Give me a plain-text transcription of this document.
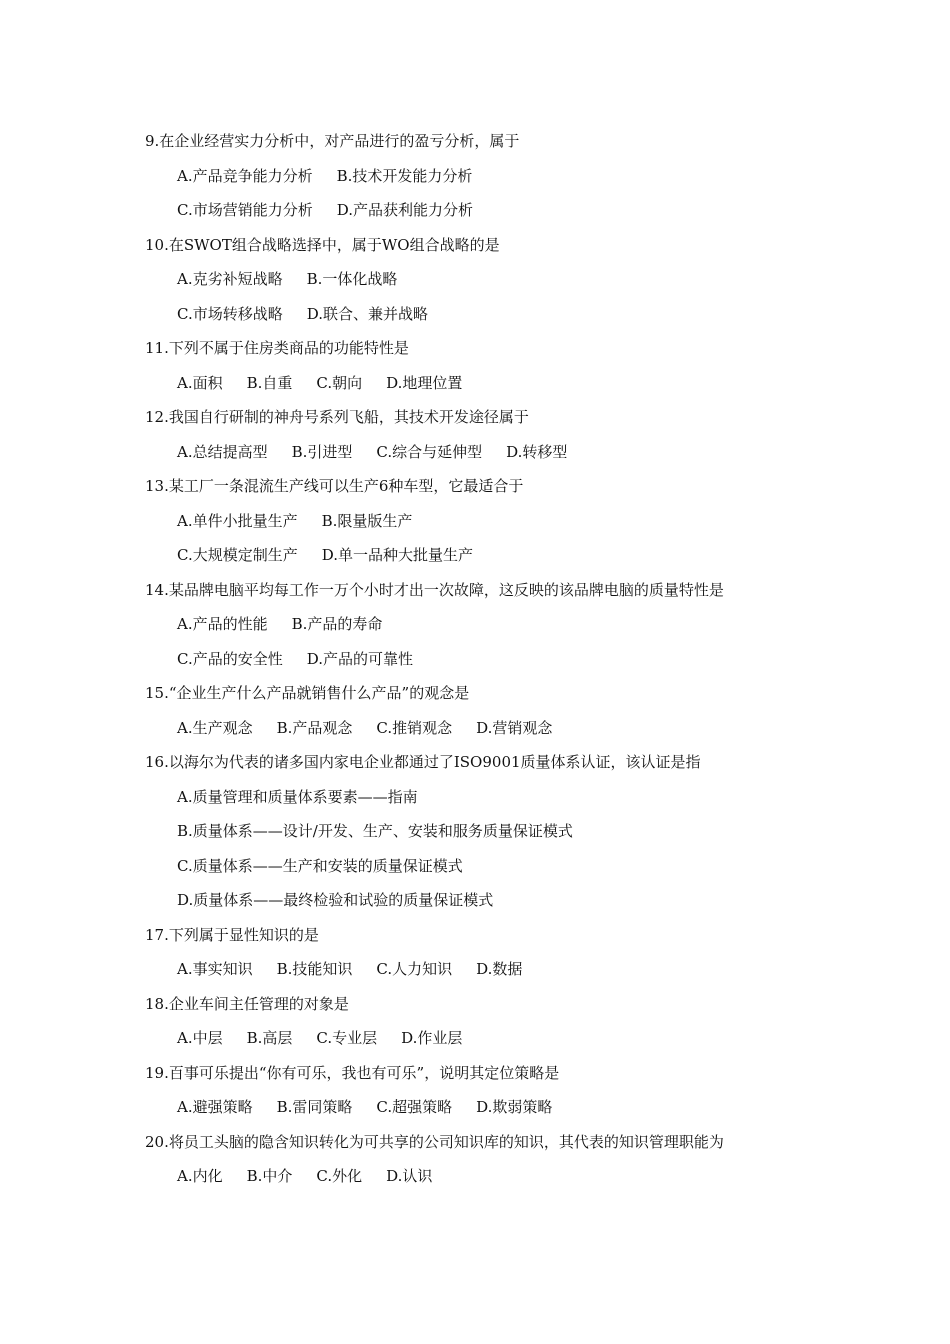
9.在企业经营实力分析中，对产品进行的盈亏分析，属于
A.产品竞争能力分析 B.技术开发能力分析
C.市场营销能力分析 D.产品获利能力分析
10.在SWOT组合战略选择中，属于WO组合战略的是
A.克劣补短战略 B.一体化战略
C.市场转移战略 D.联合、兼并战略
11.下列不属于住房类商品的功能特性是
A.面积 B.自重 C.朝向 D.地理位置
12.我国自行研制的神舟号系列飞船，其技术开发途径属于
A.总结提高型 B.引进型 C.综合与延伸型 D.转移型
13.某工厂一条混流生产线可以生产6种车型，它最适合于
A.单件小批量生产 B.限量版生产
C.大规模定制生产 D.单一品种大批量生产
14.某品牌电脑平均每工作一万个小时才出一次故障，这反映的该品牌电脑的质量特性是
A.产品的性能 B.产品的寿命
C.产品的安全性 D.产品的可靠性
15.“企业生产什么产品就销售什么产品”的观念是
A.生产观念 B.产品观念 C.推销观念 D.营销观念
16.以海尔为代表的诸多国内家电企业都通过了ISO9001质量体系认证，该认证是指
A.质量管理和质量体系要素——指南
B.质量体系——设计/开发、生产、安装和服务质量保证模式
C.质量体系——生产和安装的质量保证模式
D.质量体系——最终检验和试验的质量保证模式
17.下列属于显性知识的是
A.事实知识 B.技能知识 C.人力知识 D.数据
18.企业车间主任管理的对象是
A.中层 B.高层 C.专业层 D.作业层
19.百事可乐提出“你有可乐，我也有可乐”，说明其定位策略是
A.避强策略 B.雷同策略 C.超强策略 D.欺弱策略
20.将员工头脑的隐含知识转化为可共享的公司知识库的知识，其代表的知识管理职能为
A.内化 B.中介 C.外化 D.认识
